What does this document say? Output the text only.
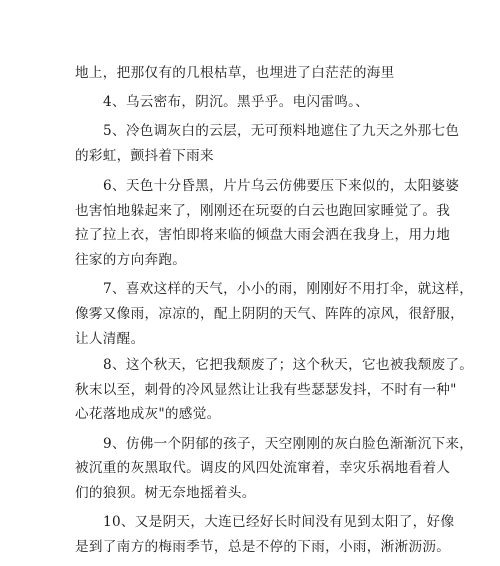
地上，把那仅有的几根枯草，也埋进了白茫茫的海里
4、乌云密布，阴沉。黑乎乎。电闪雷鸣。、
5、冷色调灰白的云层，无可预料地遮住了九天之外那七色
的彩虹，颤抖着下雨来
6、天色十分昏黑，片片乌云仿佛要压下来似的，太阳婆婆
也害怕地躲起来了，刚刚还在玩耍的白云也跑回家睡觉了。我
拉了拉上衣，害怕即将来临的倾盘大雨会洒在我身上，用力地
往家的方向奔跑。
7、喜欢这样的天气，小小的雨，刚刚好不用打伞，就这样，
像雾又像雨，凉凉的，配上阴阴的天气、阵阵的凉风，很舒服，
让人清醒。
8、这个秋天，它把我颓废了；这个秋天，它也被我颓废了。
秋末以至，刺骨的冷风显然让让我有些瑟瑟发抖，不时有一种"
心花落地成灰"的感觉。
9、仿佛一个阴郁的孩子，天空刚刚的灰白脸色渐渐沉下来，
被沉重的灰黑取代。调皮的风四处流窜着，幸灾乐祸地看着人
们的狼狈。树无奈地摇着头。
10、又是阴天，大连已经好长时间没有见到太阳了，好像
是到了南方的梅雨季节，总是不停的下雨，小雨，淅淅沥沥。
